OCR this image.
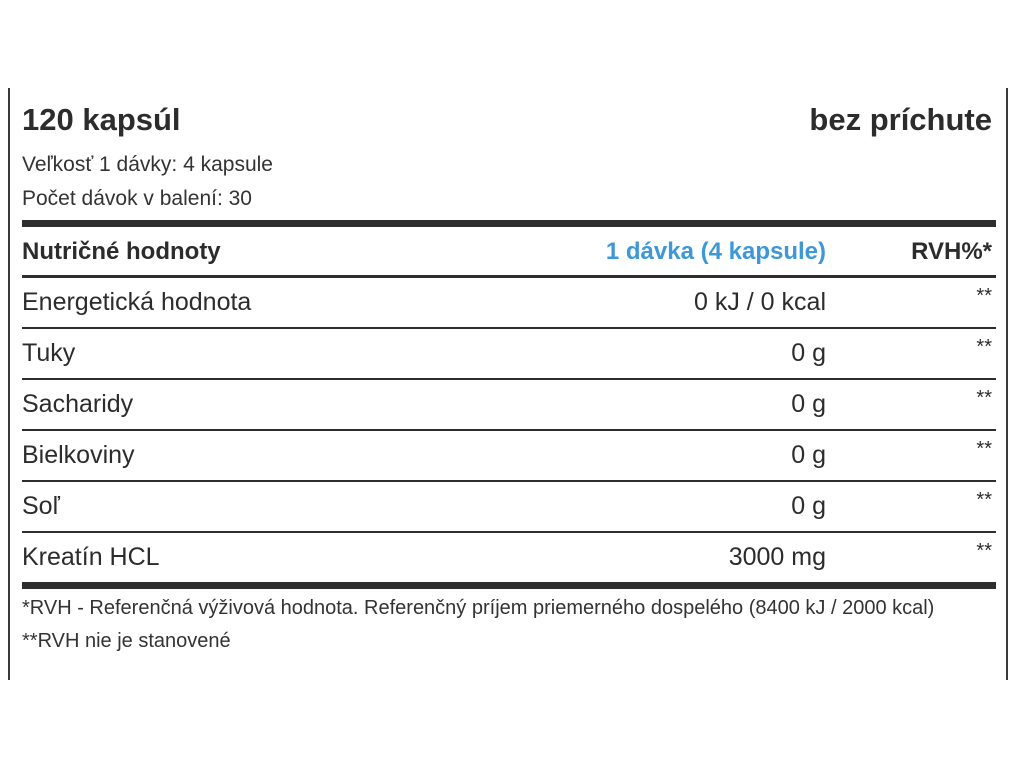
120 kapsúl	bez príchute
Veľkosť 1 dávky: 4 kapsule
Počet dávok v balení: 30
Nutričné hodnoty	1 dávka (4 kapsule)	RVH%*
Energetická hodnota	0 kJ / 0 kcal	**
Tuky	0 g	**
Sacharidy	0 g	**
Bielkoviny	0 g	**
Soľ	0 g	**
Kreatín HCL	3000 mg	**
*RVH - Referenčná výživová hodnota. Referenčný príjem priemerného dospelého (8400 kJ / 2000 kcal)
**RVH nie je stanovené
